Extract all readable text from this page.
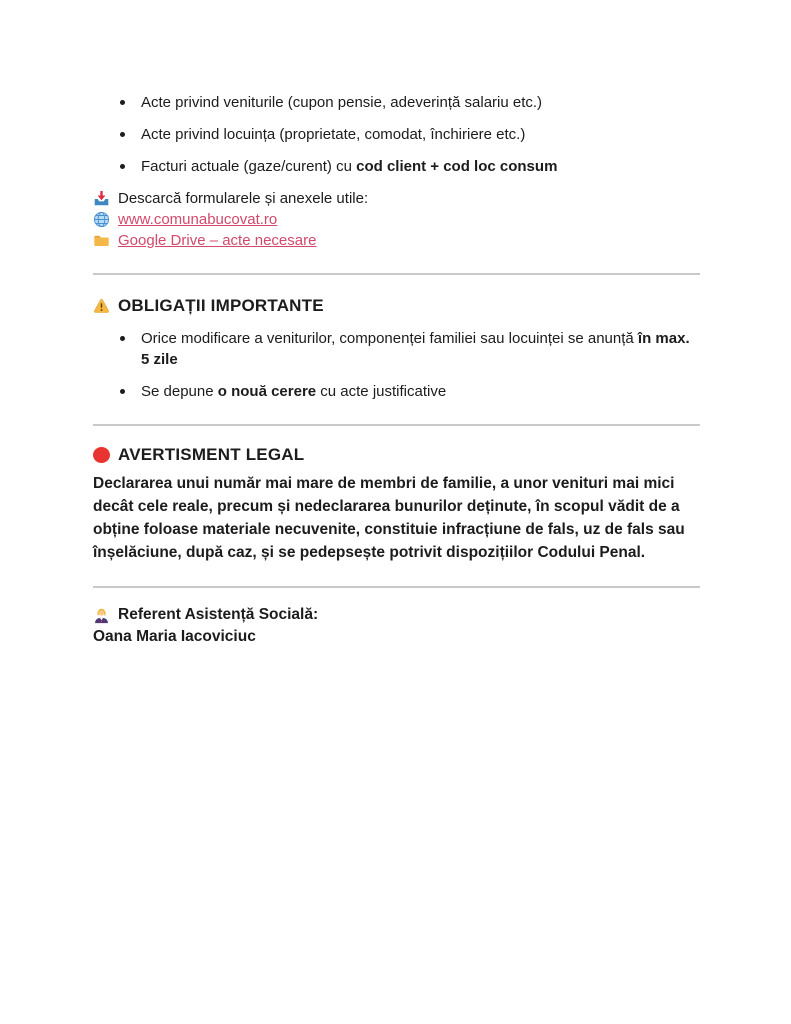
Acte privind veniturile (cupon pensie, adeverință salariu etc.)
Acte privind locuința (proprietate, comodat, închiriere etc.)
Facturi actuale (gaze/curent) cu cod client + cod loc consum
Descarcă formularele și anexele utile:
www.comunabucovat.ro
Google Drive – acte necesare
OBLIGAȚII IMPORTANTE
Orice modificare a veniturilor, componenței familiei sau locuinței se anunță în max. 5 zile
Se depune o nouă cerere cu acte justificative
AVERTISMENT LEGAL

Declararea unui număr mai mare de membri de familie, a unor venituri mai mici decât cele reale, precum și nedeclararea bunurilor deținute, în scopul vădit de a obține foloase materiale necuvenite, constituie infracțiune de fals, uz de fals sau înșelăciune, după caz, și se pedepsește potrivit dispozițiilor Codului Penal.

Referent Asistență Socială:
Oana Maria Iacoviciuc
